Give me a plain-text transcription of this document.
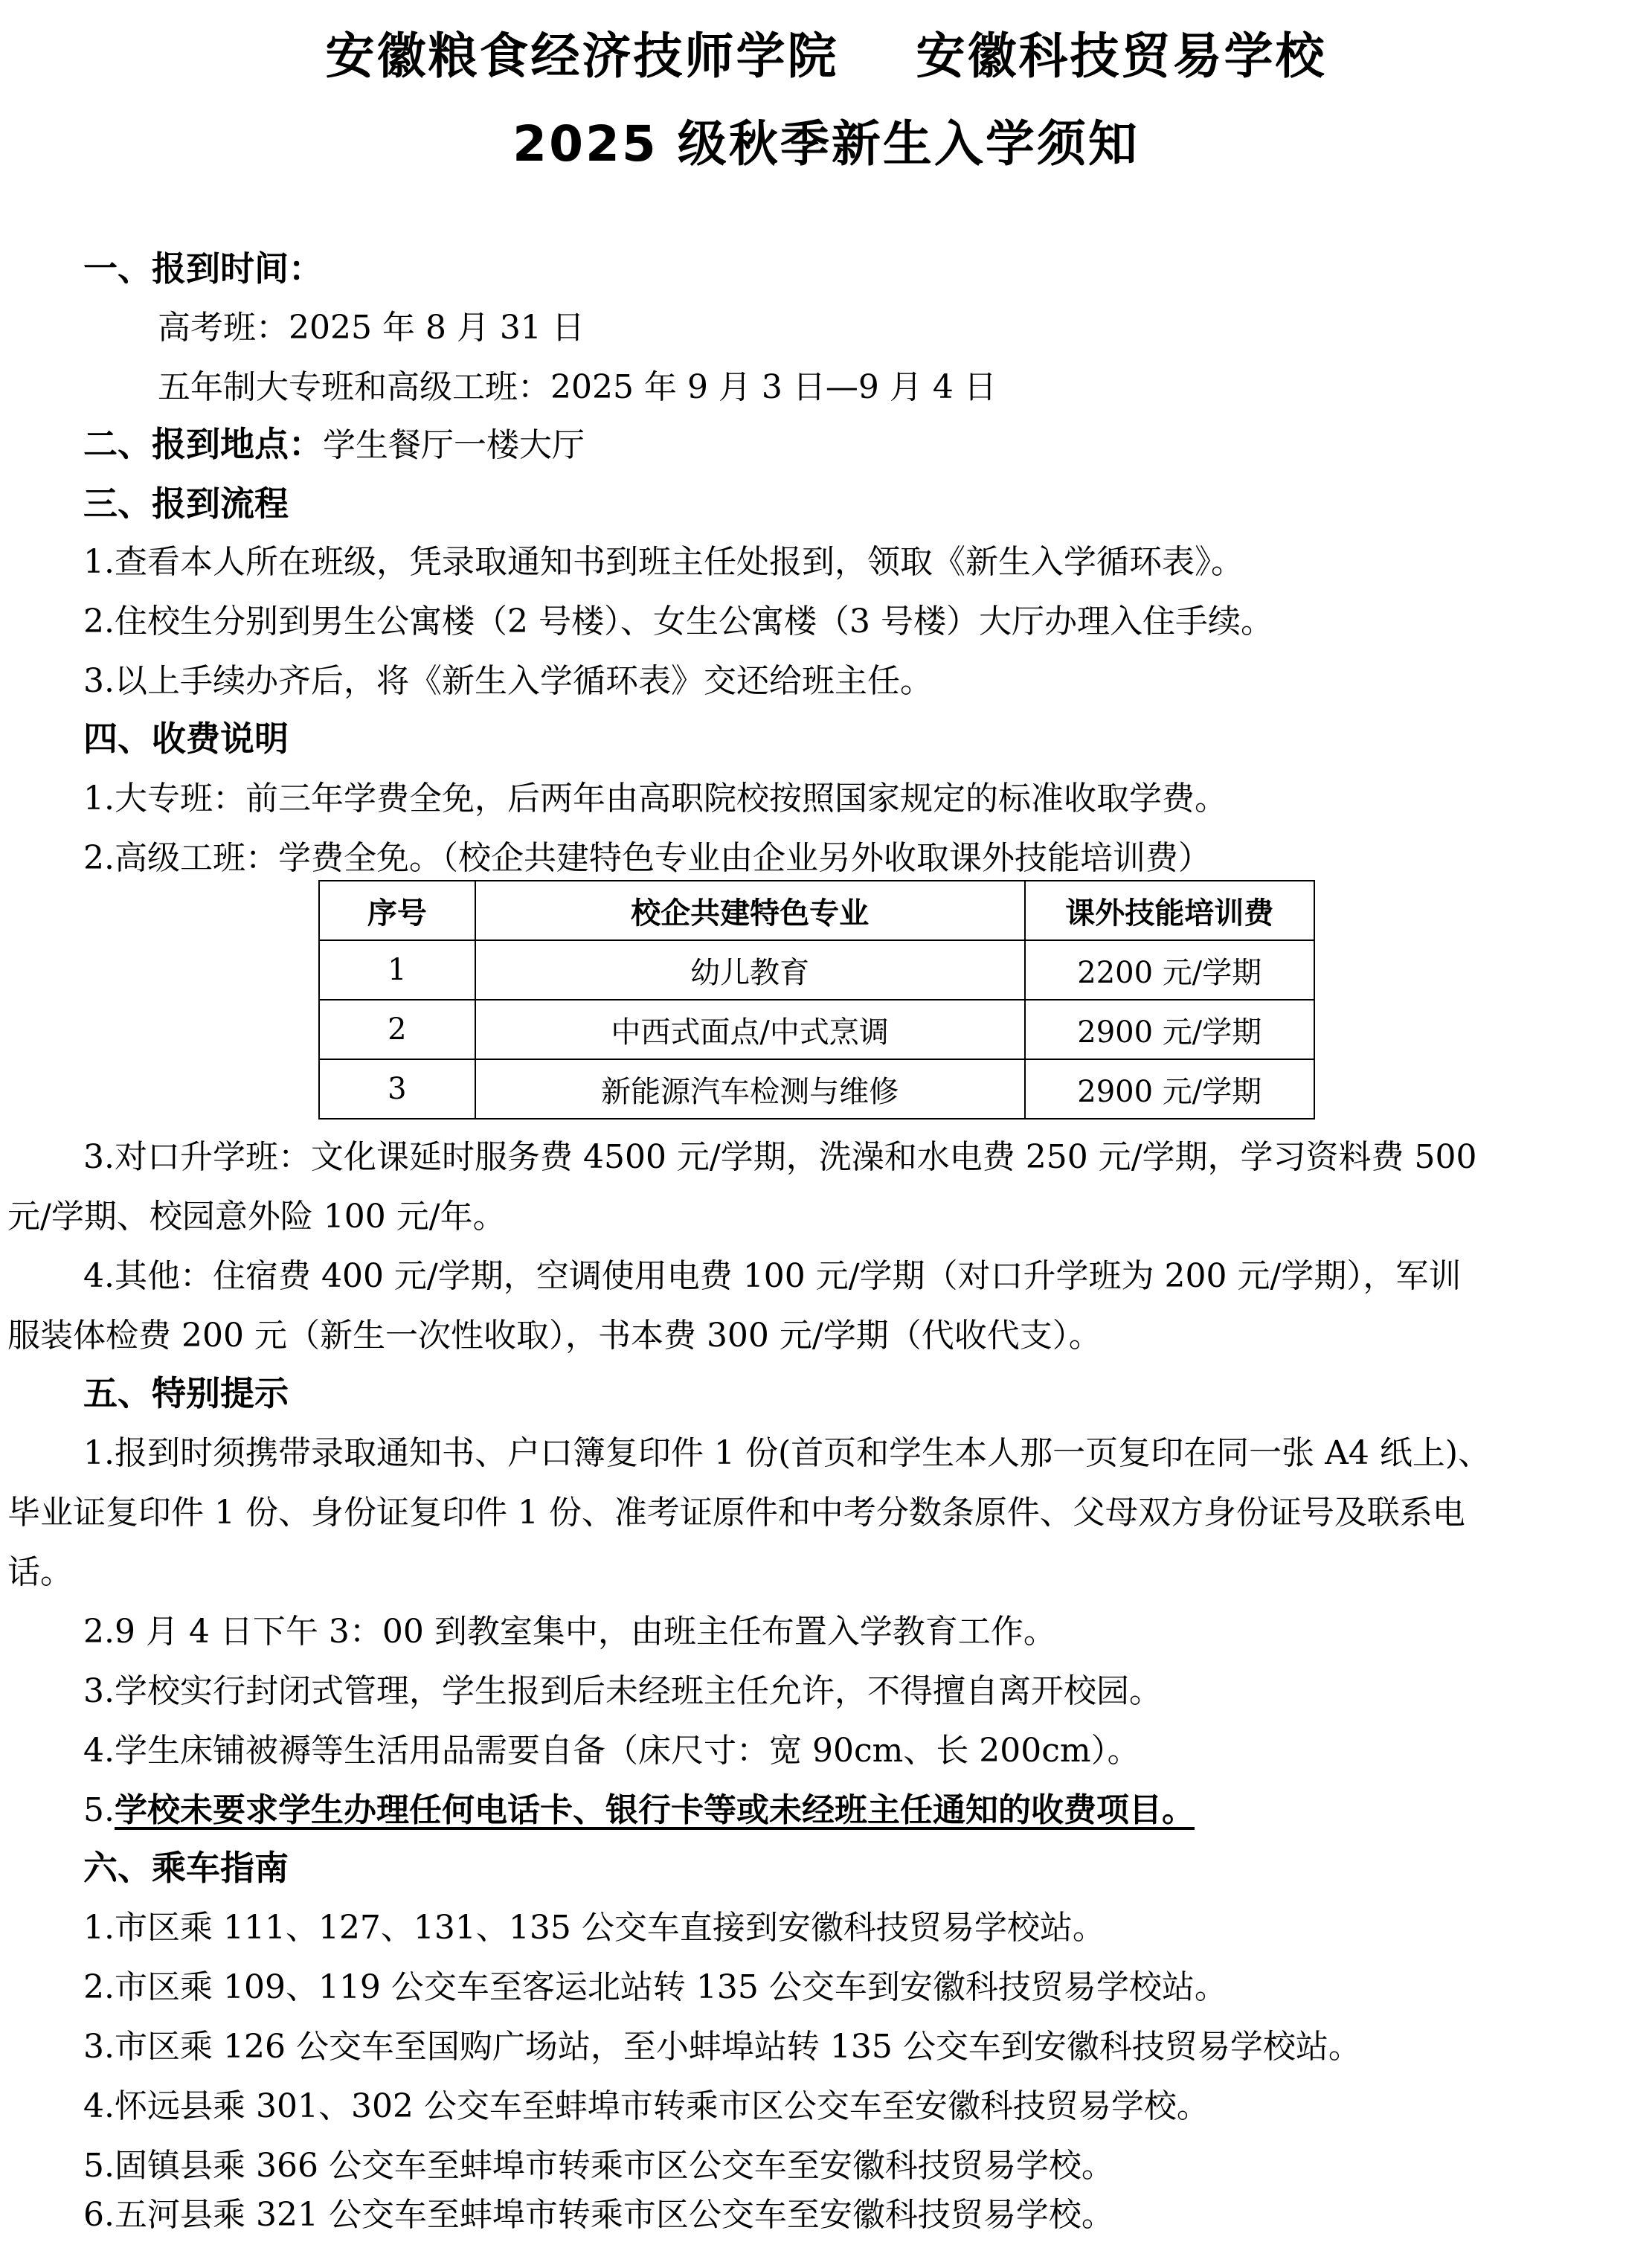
安徽粮食经济技师学院    安徽科技贸易学校
2025 级秋季新生入学须知
一、报到时间：
高考班：2025 年 8 月 31 日
五年制大专班和高级工班：2025 年 9 月 3 日—9 月 4 日
二、报到地点：学生餐厅一楼大厅
三、报到流程
1.查看本人所在班级，凭录取通知书到班主任处报到，领取《新生入学循环表》。
2.住校生分别到男生公寓楼（2 号楼）、女生公寓楼（3 号楼）大厅办理入住手续。
3.以上手续办齐后，将《新生入学循环表》交还给班主任。
四、收费说明
1.大专班：前三年学费全免，后两年由高职院校按照国家规定的标准收取学费。
2.高级工班：学费全免。（校企共建特色专业由企业另外收取课外技能培训费）
序号	校企共建特色专业	课外技能培训费
1	幼儿教育	2200 元/学期
2	中西式面点/中式烹调	2900 元/学期
3	新能源汽车检测与维修	2900 元/学期
3.对口升学班：文化课延时服务费 4500 元/学期，洗澡和水电费 250 元/学期，学习资料费 500
元/学期、校园意外险 100 元/年。
4.其他：住宿费 400 元/学期，空调使用电费 100 元/学期（对口升学班为 200 元/学期），军训
服装体检费 200 元（新生一次性收取），书本费 300 元/学期（代收代支）。
五、特别提示
1.报到时须携带录取通知书、户口簿复印件 1 份(首页和学生本人那一页复印在同一张 A4 纸上)、
毕业证复印件 1 份、身份证复印件 1 份、准考证原件和中考分数条原件、父母双方身份证号及联系电
话。
2.9 月 4 日下午 3：00 到教室集中，由班主任布置入学教育工作。
3.学校实行封闭式管理，学生报到后未经班主任允许，不得擅自离开校园。
4.学生床铺被褥等生活用品需要自备（床尺寸：宽 90cm、长 200cm）。
5.学校未要求学生办理任何电话卡、银行卡等或未经班主任通知的收费项目。
六、乘车指南
1.市区乘 111、127、131、135 公交车直接到安徽科技贸易学校站。
2.市区乘 109、119 公交车至客运北站转 135 公交车到安徽科技贸易学校站。
3.市区乘 126 公交车至国购广场站，至小蚌埠站转 135 公交车到安徽科技贸易学校站。
4.怀远县乘 301、302 公交车至蚌埠市转乘市区公交车至安徽科技贸易学校。
5.固镇县乘 366 公交车至蚌埠市转乘市区公交车至安徽科技贸易学校。
6.五河县乘 321 公交车至蚌埠市转乘市区公交车至安徽科技贸易学校。
